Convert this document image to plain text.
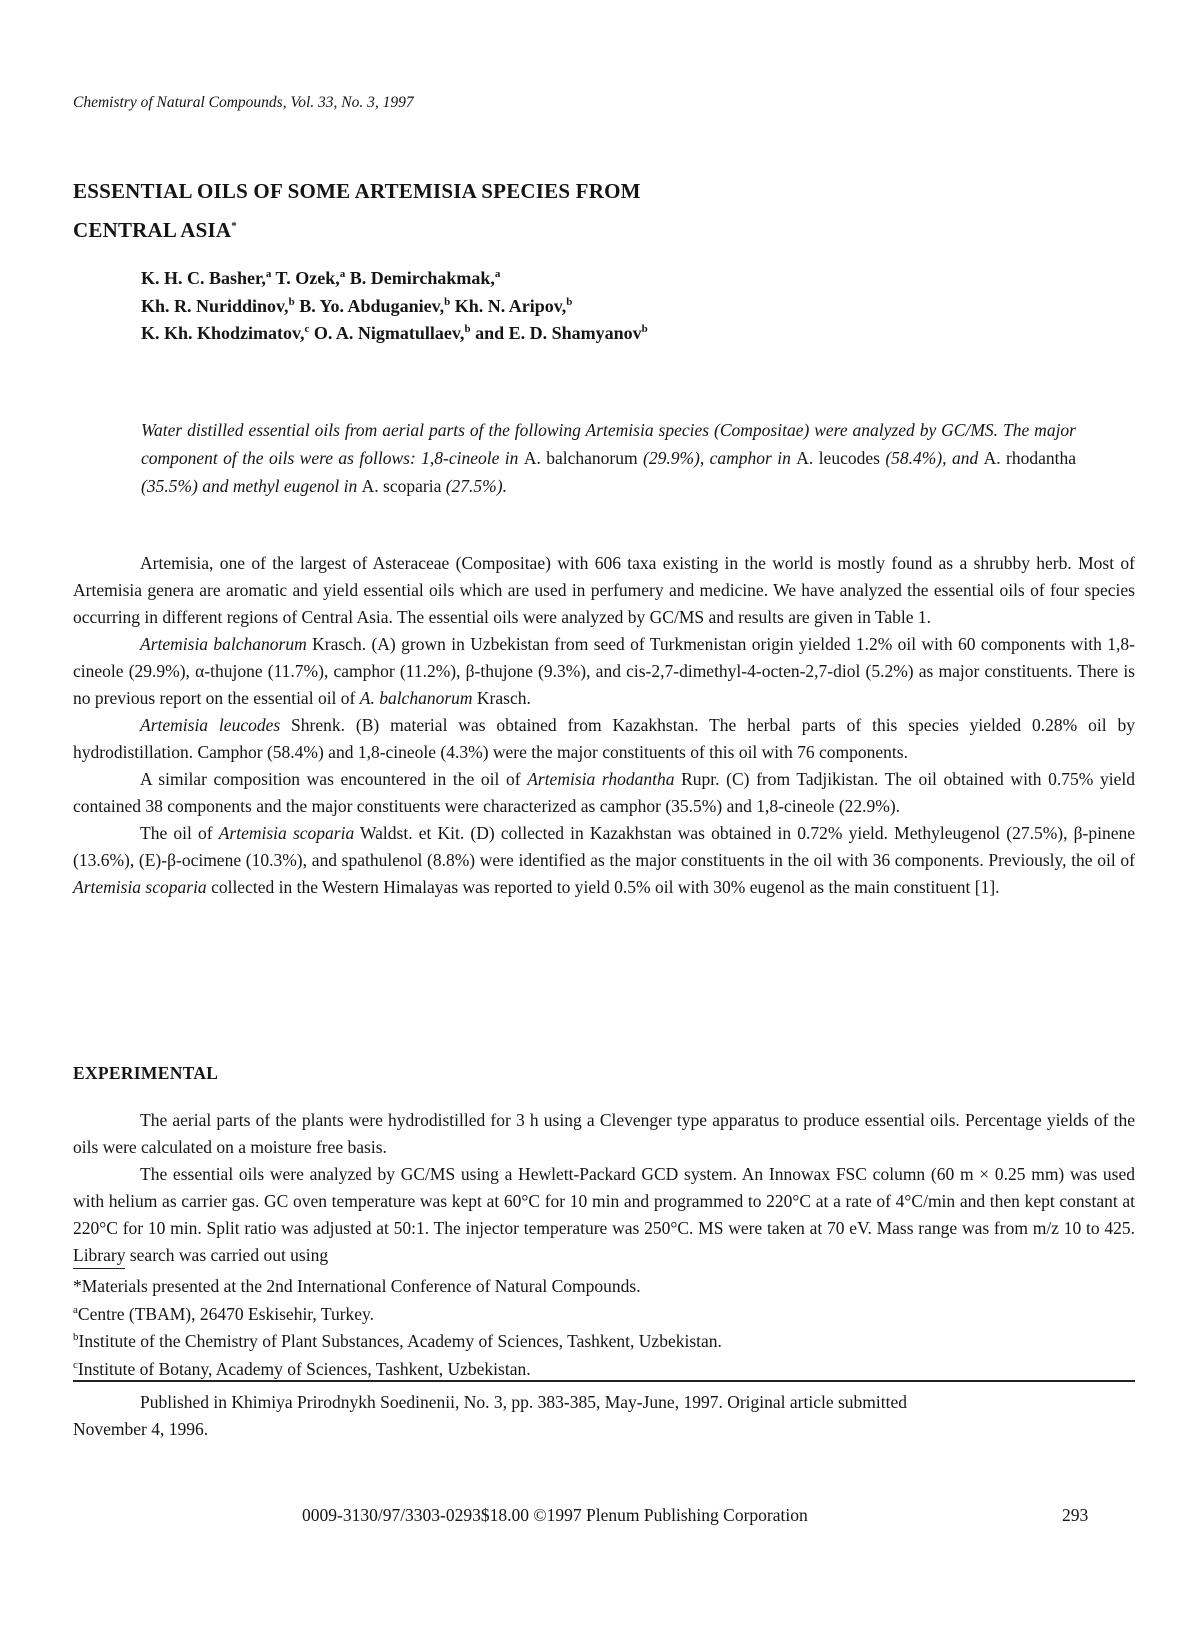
Chemistry of Natural Compounds, Vol. 33, No. 3, 1997
ESSENTIAL OILS OF SOME ARTEMISIA SPECIES FROM
CENTRAL ASIA*
K. H. C. Basher,$^a$ T. Ozek,$^a$ B. Demirchakmak,$^a$
Kh. R. Nuriddinov,$^b$ B. Yo. Abduganiev,$^b$ Kh. N. Aripov,$^b$
K. Kh. Khodzimatov,$^c$ O. A. Nigmatullaev,$^b$ and E. D. Shamyanov$^b$
Water distilled essential oils from aerial parts of the following Artemisia species (Compositae) were analyzed by GC/MS. The major component of the oils were as follows: 1,8-cineole in A. balchanorum (29.9%), camphor in A. leucodes (58.4%), and A. rhodantha (35.5%) and methyl eugenol in A. scoparia (27.5%).

Artemisia, one of the largest of Asteraceae (Compositae) with 606 taxa existing in the world is mostly found as a shrubby herb. Most of Artemisia genera are aromatic and yield essential oils which are used in perfumery and medicine. We have analyzed the essential oils of four species occurring in different regions of Central Asia. The essential oils were analyzed by GC/MS and results are given in Table 1.

Artemisia balchanorum Krasch. (A) grown in Uzbekistan from seed of Turkmenistan origin yielded 1.2% oil with 60 components with 1,8-cineole (29.9%), α-thujone (11.7%), camphor (11.2%), β-thujone (9.3%), and cis-2,7-dimethyl-4-octen-2,7-diol (5.2%) as major constituents. There is no previous report on the essential oil of A. balchanorum Krasch.

Artemisia leucodes Shrenk. (B) material was obtained from Kazakhstan. The herbal parts of this species yielded 0.28% oil by hydrodistillation. Camphor (58.4%) and 1,8-cineole (4.3%) were the major constituents of this oil with 76 components.

A similar composition was encountered in the oil of Artemisia rhodantha Rupr. (C) from Tadjikistan. The oil obtained with 0.75% yield contained 38 components and the major constituents were characterized as camphor (35.5%) and 1,8-cineole (22.9%).

The oil of Artemisia scoparia Waldst. et Kit. (D) collected in Kazakhstan was obtained in 0.72% yield. Methyleugenol (27.5%), β-pinene (13.6%), (E)-β-ocimene (10.3%), and spathulenol (8.8%) were identified as the major constituents in the oil with 36 components. Previously, the oil of Artemisia scoparia collected in the Western Himalayas was reported to yield 0.5% oil with 30% eugenol as the main constituent [1].

EXPERIMENTAL

The aerial parts of the plants were hydrodistilled for 3 h using a Clevenger type apparatus to produce essential oils. Percentage yields of the oils were calculated on a moisture free basis.

The essential oils were analyzed by GC/MS using a Hewlett-Packard GCD system. An Innowax FSC column (60 m × 0.25 mm) was used with helium as carrier gas. GC oven temperature was kept at 60°C for 10 min and programmed to 220°C at a rate of 4°C/min and then kept constant at 220°C for 10 min. Split ratio was adjusted at 50:1. The injector temperature was 250°C. MS were taken at 70 eV. Mass range was from m/z 10 to 425. Library search was carried out using

*Materials presented at the 2nd International Conference of Natural Compounds.
$^a$Centre (TBAM), 26470 Eskisehir, Turkey.
$^b$Institute of the Chemistry of Plant Substances, Academy of Sciences, Tashkent, Uzbekistan.
$^c$Institute of Botany, Academy of Sciences, Tashkent, Uzbekistan.
Published in Khimiya Prirodnykh Soedinenii, No. 3, pp. 383-385, May-June, 1997. Original article submitted
November 4, 1996.
0009-3130/97/3303-0293$18.00 ©1997 Plenum Publishing Corporation	293
